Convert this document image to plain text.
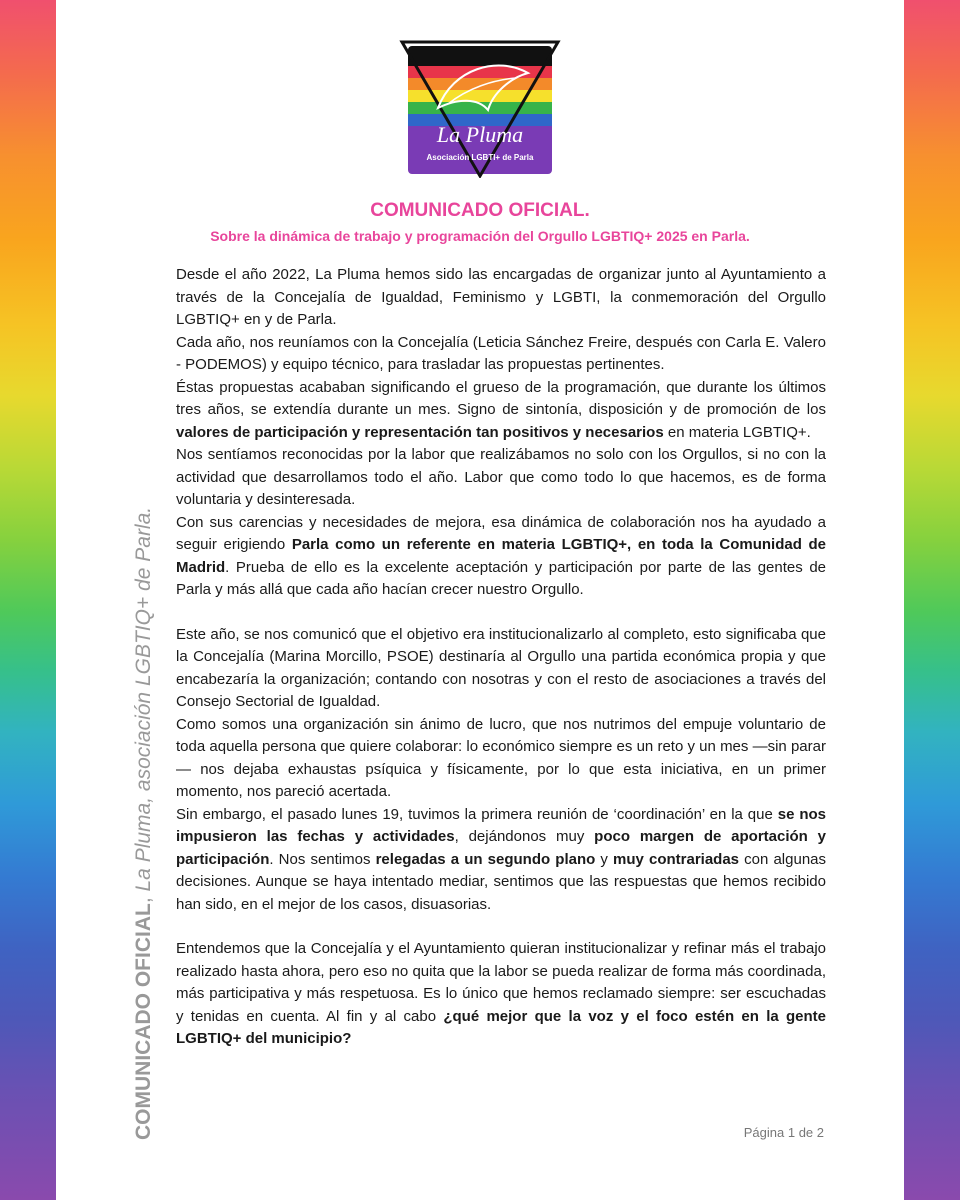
La Pluma
Asociación LGBTI+ de Parla
COMUNICADO OFICIAL, La Pluma, asociación LGBTIQ+ de Parla.
COMUNICADO OFICIAL.
Sobre la dinámica de trabajo y programación del Orgullo LGBTIQ+ 2025 en Parla.

Desde el año 2022, La Pluma hemos sido las encargadas de organizar junto al Ayuntamiento a través de la Concejalía de Igualdad, Feminismo y LGBTI, la conmemoración del Orgullo LGBTIQ+ en y de Parla.

Cada año, nos reuníamos con la Concejalía (Leticia Sánchez Freire, después con Carla E. Valero - PODEMOS) y equipo técnico, para trasladar las propuestas pertinentes.

Éstas propuestas acababan significando el grueso de la programación, que durante los últimos tres años, se extendía durante un mes. Signo de sintonía, disposición y de promoción de los valores de participación y representación tan positivos y necesarios en materia LGBTIQ+.

Nos sentíamos reconocidas por la labor que realizábamos no solo con los Orgullos, si no con la actividad que desarrollamos todo el año. Labor que como todo lo que hacemos, es de forma voluntaria y desinteresada.

Con sus carencias y necesidades de mejora, esa dinámica de colaboración nos ha ayudado a seguir erigiendo Parla como un referente en materia LGBTIQ+, en toda la Comunidad de Madrid. Prueba de ello es la excelente aceptación y participación por parte de las gentes de Parla y más allá que cada año hacían crecer nuestro Orgullo.

Este año, se nos comunicó que el objetivo era institucionalizarlo al completo, esto significaba que la Concejalía (Marina Morcillo, PSOE) destinaría al Orgullo una partida económica propia y que encabezaría la organización; contando con nosotras y con el resto de asociaciones a través del Consejo Sectorial de Igualdad.

Como somos una organización sin ánimo de lucro, que nos nutrimos del empuje voluntario de toda aquella persona que quiere colaborar: lo económico siempre es un reto y un mes —sin parar— nos dejaba exhaustas psíquica y físicamente, por lo que esta iniciativa, en un primer momento, nos pareció acertada.

Sin embargo, el pasado lunes 19, tuvimos la primera reunión de ‘coordinación’ en la que se nos impusieron las fechas y actividades, dejándonos muy poco margen de aportación y participación. Nos sentimos relegadas a un segundo plano y muy contrariadas con algunas decisiones. Aunque se haya intentado mediar, sentimos que las respuestas que hemos recibido han sido, en el mejor de los casos, disuasorias.

Entendemos que la Concejalía y el Ayuntamiento quieran institucionalizar y refinar más el trabajo realizado hasta ahora, pero eso no quita que la labor se pueda realizar de forma más coordinada, más participativa y más respetuosa. Es lo único que hemos reclamado siempre: ser escuchadas y tenidas en cuenta. Al fin y al cabo ¿qué mejor que la voz y el foco estén en la gente LGBTIQ+ del municipio?

Página 1 de 2
